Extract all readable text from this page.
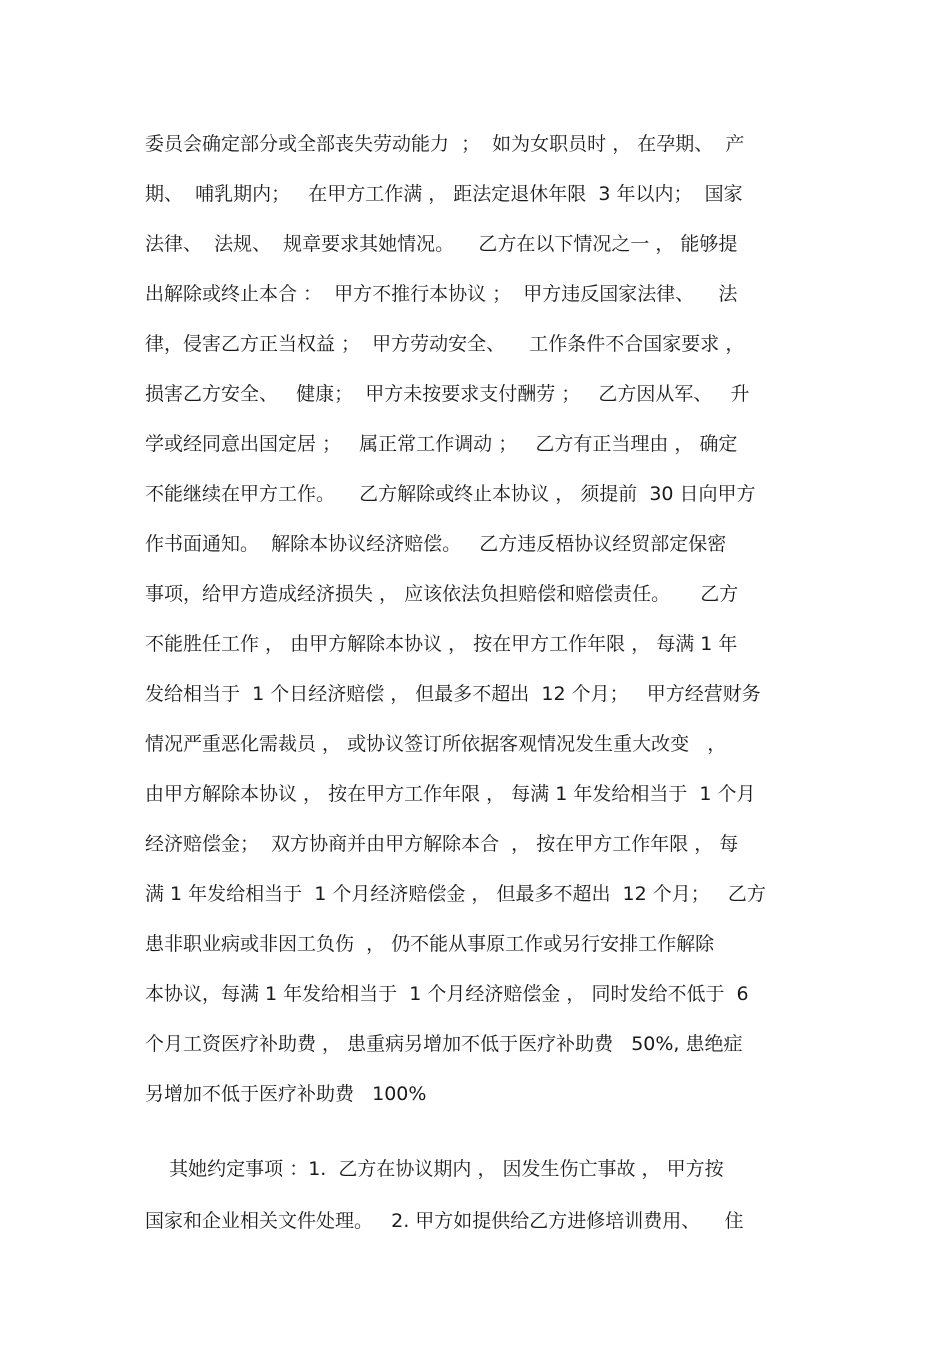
委员会确定部分或全部丧失劳动能力  ；  如为女职员时 ， 在孕期、  产
期、  哺乳期内；   在甲方工作满 ， 距法定退休年限  3 年以内；  国家
法律、  法规、  规章要求其她情况。    乙方在以下情况之一 ， 能够提
出解除或终止本合 ：  甲方不推行本协议 ；  甲方违反国家法律、    法
律，侵害乙方正当权益 ；  甲方劳动安全、    工作条件不合国家要求 ，
损害乙方安全、   健康；  甲方未按要求支付酬劳 ；   乙方因从军、   升
学或经同意出国定居 ；   属正常工作调动 ；   乙方有正当理由 ， 确定
不能继续在甲方工作。    乙方解除或终止本协议 ， 须提前  30 日向甲方
作书面通知。  解除本协议经济赔偿。   乙方违反梧协议经贸部定保密
事项，给甲方造成经济损失 ， 应该依法负担赔偿和赔偿责任。     乙方
不能胜任工作 ， 由甲方解除本协议 ， 按在甲方工作年限 ， 每满 1 年
发给相当于  1 个日经济赔偿 ， 但最多不超出  12 个月；   甲方经营财务
情况严重恶化需裁员 ， 或协议签订所依据客观情况发生重大改变   ，
由甲方解除本协议 ， 按在甲方工作年限 ， 每满 1 年发给相当于  1 个月
经济赔偿金；  双方协商并由甲方解除本合  ， 按在甲方工作年限 ， 每
满 1 年发给相当于  1 个月经济赔偿金 ， 但最多不超出  12 个月；   乙方
患非职业病或非因工负伤  ， 仍不能从事原工作或另行安排工作解除
本协议，每满 1 年发给相当于  1 个月经济赔偿金 ， 同时发给不低于  6
个月工资医疗补助费 ， 患重病另增加不低于医疗补助费   50%, 患绝症
另增加不低于医疗补助费   100%
其她约定事项 ：1.  乙方在协议期内 ， 因发生伤亡事故 ， 甲方按
国家和企业相关文件处理。   2. 甲方如提供给乙方进修培训费用、    住
